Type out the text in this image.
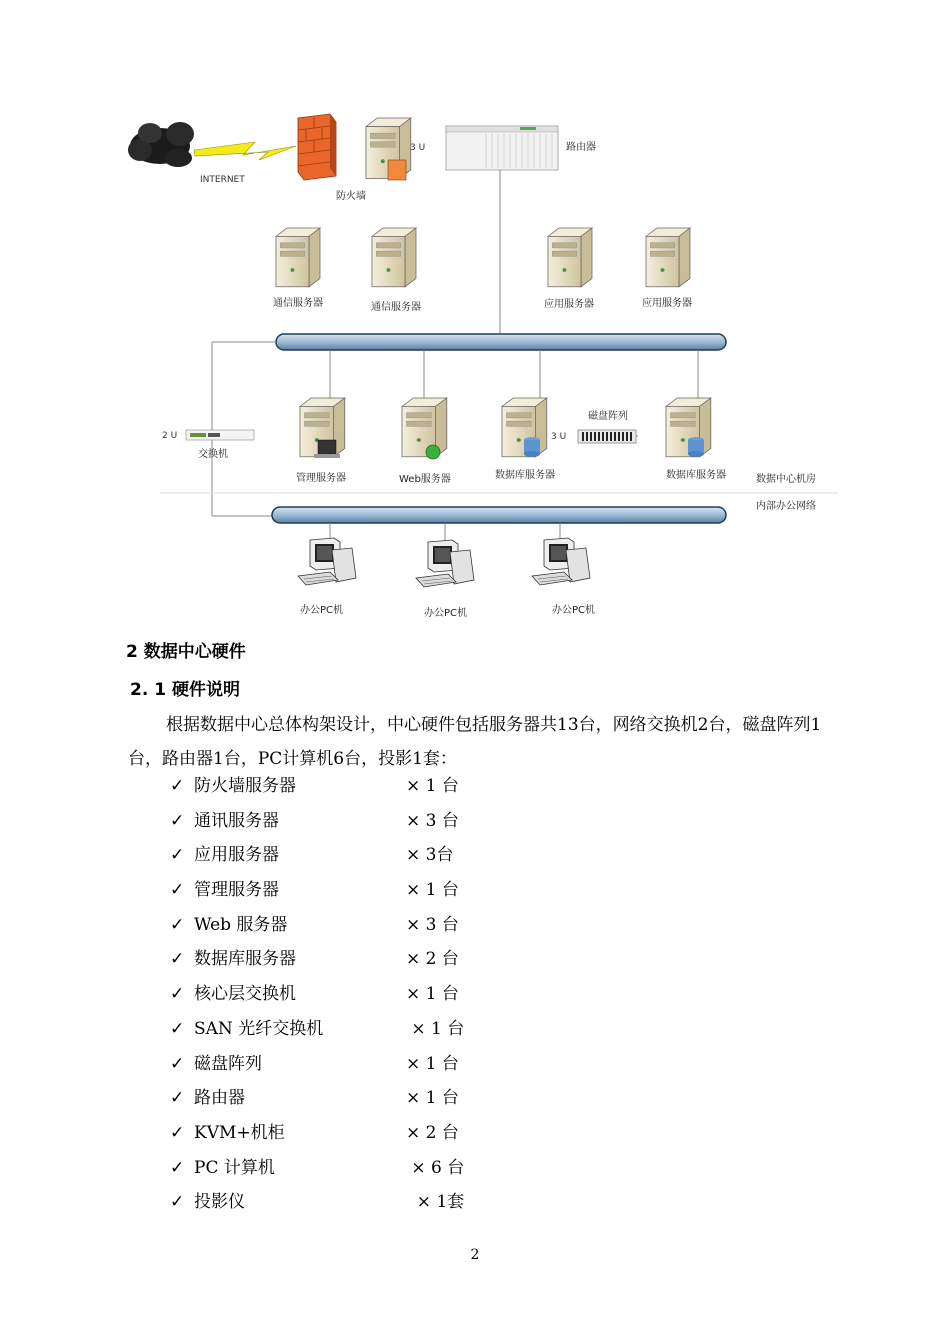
INTERNET
防火墙
3 U	路由器
通信服务器	通信服务器	应用服务器	应用服务器
2 U
交换机
管理服务器	Web服务器	数据库服务器
磁盘阵列
3 U
数据库服务器	数据中心机房
内部办公网络
办公PC机	办公PC机	办公PC机
2 数据中心硬件
2. 1 硬件说明
根据数据中心总体构架设计，中心硬件包括服务器共13台，网络交换机2台，磁盘阵列1台，路由器1台，PC计算机6台，投影1套：
✓ 防火墙服务器	× 1 台
✓ 通讯服务器	× 3 台
✓ 应用服务器	× 3台
✓ 管理服务器	× 1 台
✓ Web 服务器	× 3 台
✓ 数据库服务器	× 2 台
✓ 核心层交换机	× 1 台
✓ SAN 光纤交换机	× 1 台
✓ 磁盘阵列	× 1 台
✓ 路由器	× 1 台
✓ KVM+机柜	× 2 台
✓ PC 计算机	× 6 台
✓ 投影仪	× 1套
2
